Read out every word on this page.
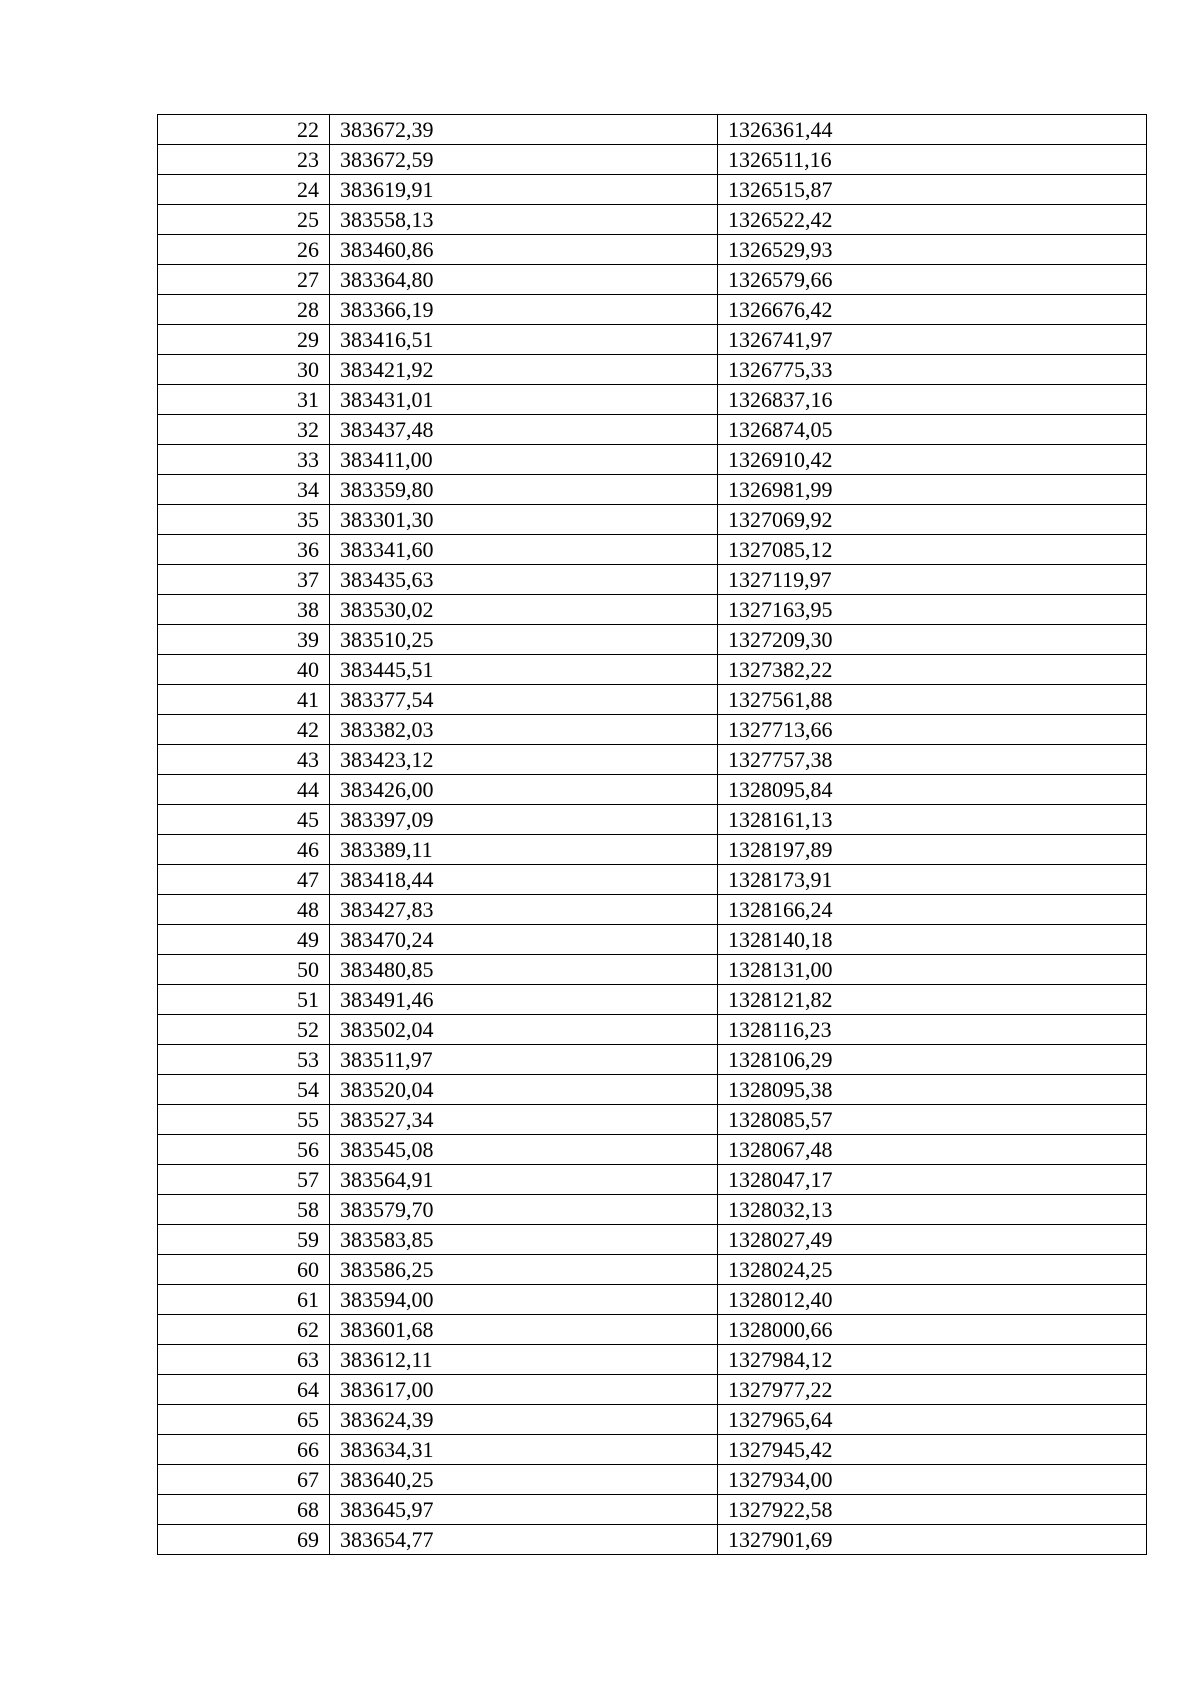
22	383672,39	1326361,44
23	383672,59	1326511,16
24	383619,91	1326515,87
25	383558,13	1326522,42
26	383460,86	1326529,93
27	383364,80	1326579,66
28	383366,19	1326676,42
29	383416,51	1326741,97
30	383421,92	1326775,33
31	383431,01	1326837,16
32	383437,48	1326874,05
33	383411,00	1326910,42
34	383359,80	1326981,99
35	383301,30	1327069,92
36	383341,60	1327085,12
37	383435,63	1327119,97
38	383530,02	1327163,95
39	383510,25	1327209,30
40	383445,51	1327382,22
41	383377,54	1327561,88
42	383382,03	1327713,66
43	383423,12	1327757,38
44	383426,00	1328095,84
45	383397,09	1328161,13
46	383389,11	1328197,89
47	383418,44	1328173,91
48	383427,83	1328166,24
49	383470,24	1328140,18
50	383480,85	1328131,00
51	383491,46	1328121,82
52	383502,04	1328116,23
53	383511,97	1328106,29
54	383520,04	1328095,38
55	383527,34	1328085,57
56	383545,08	1328067,48
57	383564,91	1328047,17
58	383579,70	1328032,13
59	383583,85	1328027,49
60	383586,25	1328024,25
61	383594,00	1328012,40
62	383601,68	1328000,66
63	383612,11	1327984,12
64	383617,00	1327977,22
65	383624,39	1327965,64
66	383634,31	1327945,42
67	383640,25	1327934,00
68	383645,97	1327922,58
69	383654,77	1327901,69
